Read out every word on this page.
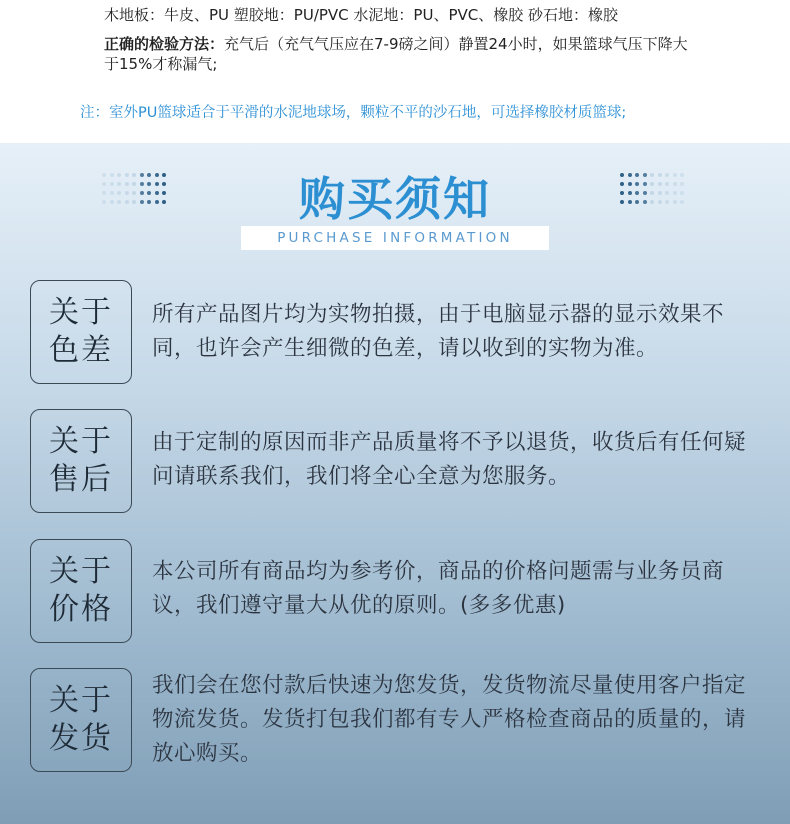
木地板：牛皮、PU 塑胶地：PU/PVC 水泥地：PU、PVC、橡胶 砂石地：橡胶
正确的检验方法：充气后（充气气压应在7-9磅之间）静置24小时，如果篮球气压下降大于15%才称漏气;
注：室外PU篮球适合于平滑的水泥地球场，颗粒不平的沙石地，可选择橡胶材质篮球;
购买须知
PURCHASE INFORMATION
关于
色差
所有产品图片均为实物拍摄，由于电脑显示器的显示效果不同，也许会产生细微的色差，请以收到的实物为准。
关于
售后
由于定制的原因而非产品质量将不予以退货，收货后有任何疑问请联系我们，我们将全心全意为您服务。
关于
价格
本公司所有商品均为参考价，商品的价格问题需与业务员商议，我们遵守量大从优的原则。(多多优惠)
关于
发货
我们会在您付款后快速为您发货，发货物流尽量使用客户指定物流发货。发货打包我们都有专人严格检查商品的质量的，请放心购买。
